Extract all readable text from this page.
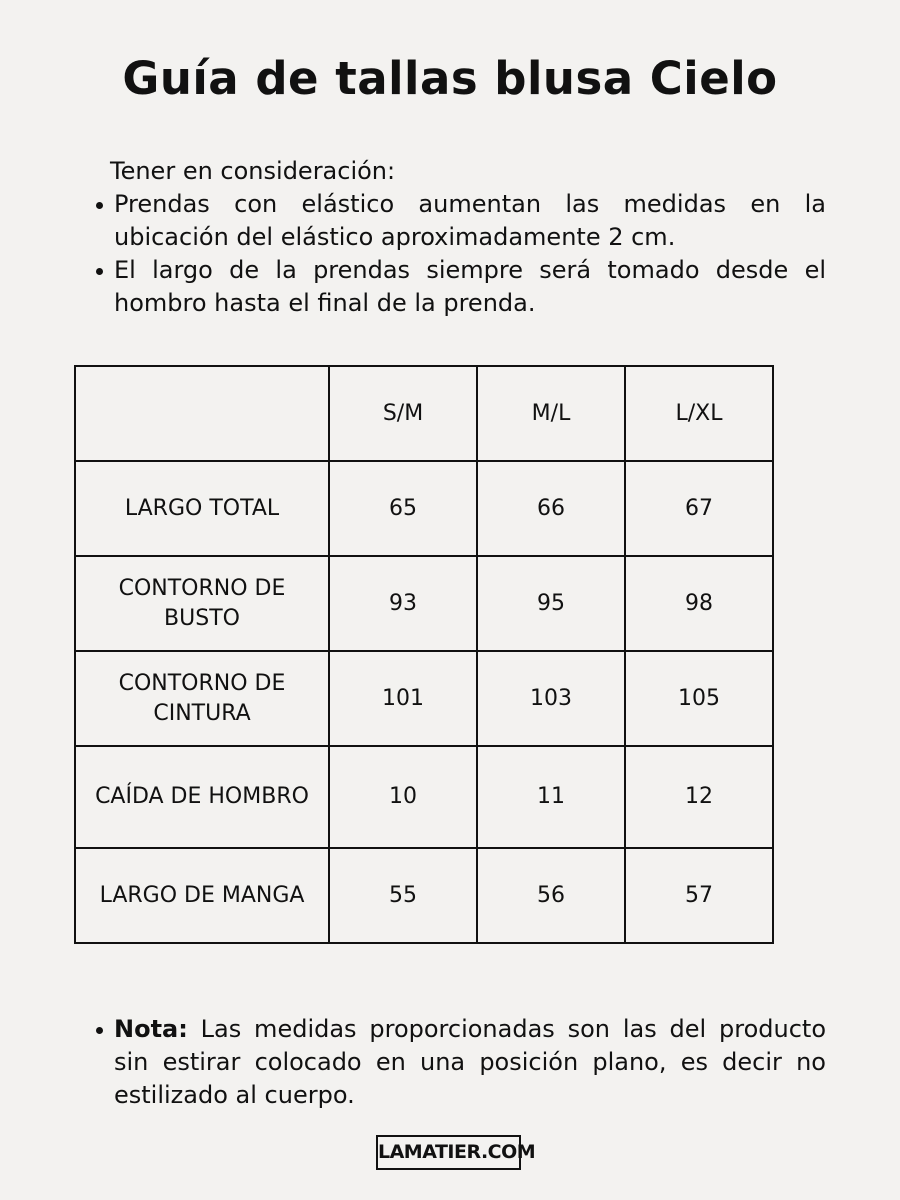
Guía de tallas blusa Cielo

Tener en consideración:

Prendas con elástico aumentan las medidas en la ubicación del elástico aproximadamente 2 cm.
El largo de la prendas siempre será tomado desde el hombro hasta el final de la prenda.
	S/M	M/L	L/XL
LARGO TOTAL	65	66	67
CONTORNO DE BUSTO	93	95	98
CONTORNO DE CINTURA	101	103	105
CAÍDA DE HOMBRO	10	11	12
LARGO DE MANGA	55	56	57
Nota: Las medidas proporcionadas son las del producto sin estirar colocado en una posición plano, es decir no estilizado al cuerpo.
LAMATIER.COM
